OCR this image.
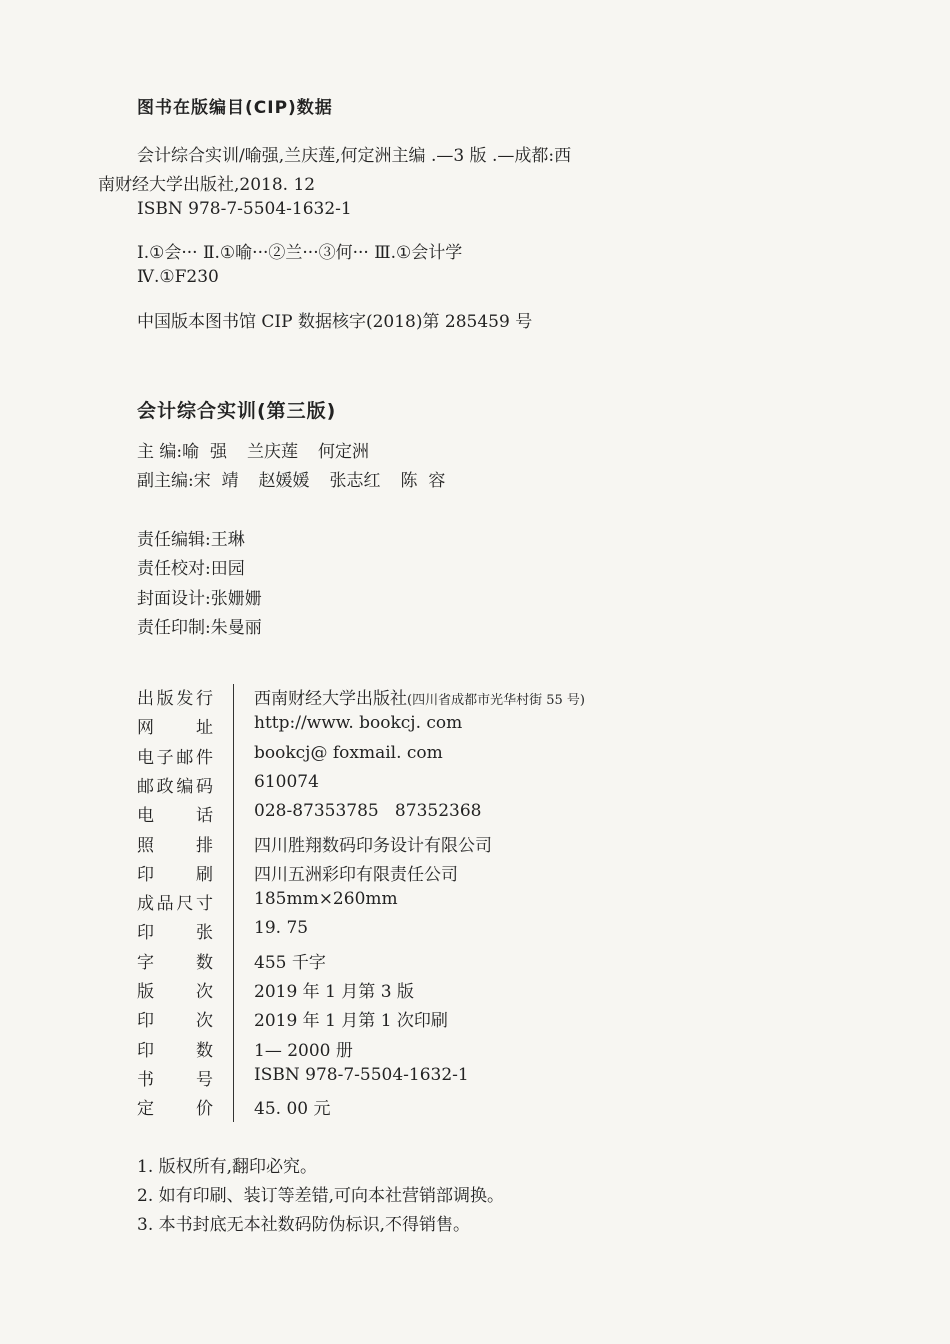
图书在版编目(CIP)数据
会计综合实训/喻强,兰庆莲,何定洲主编 .—3 版 .—成都:西
南财经大学出版社,2018. 12
ISBN 978-7-5504-1632-1
Ⅰ.①会··· Ⅱ.①喻···②兰···③何··· Ⅲ.①会计学
Ⅳ.①F230
中国版本图书馆 CIP 数据核字(2018)第 285459 号
会计综合实训(第三版)
主 编:喻  强 兰庆莲 何定洲
副主编:宋  靖 赵媛媛 张志红 陈  容
责任编辑:王琳
责任校对:田园
封面设计:张姗姗
责任印制:朱曼丽
出版发行 西南财经大学出版社(四川省成都市光华村街 55 号)
网 址 http://www. bookcj. com
电子邮件 bookcj@ foxmail. com
邮政编码 610074
电 话 028-87353785   87352368
照 排 四川胜翔数码印务设计有限公司
印 刷 四川五洲彩印有限责任公司
成品尺寸 185mm×260mm
印 张 19. 75
字 数 455 千字
版 次 2019 年 1 月第 3 版
印 次 2019 年 1 月第 1 次印刷
印 数 1— 2000 册
书 号 ISBN 978-7-5504-1632-1
定 价 45. 00 元
1. 版权所有,翻印必究。
2. 如有印刷、装订等差错,可向本社营销部调换。
3. 本书封底无本社数码防伪标识,不得销售。
